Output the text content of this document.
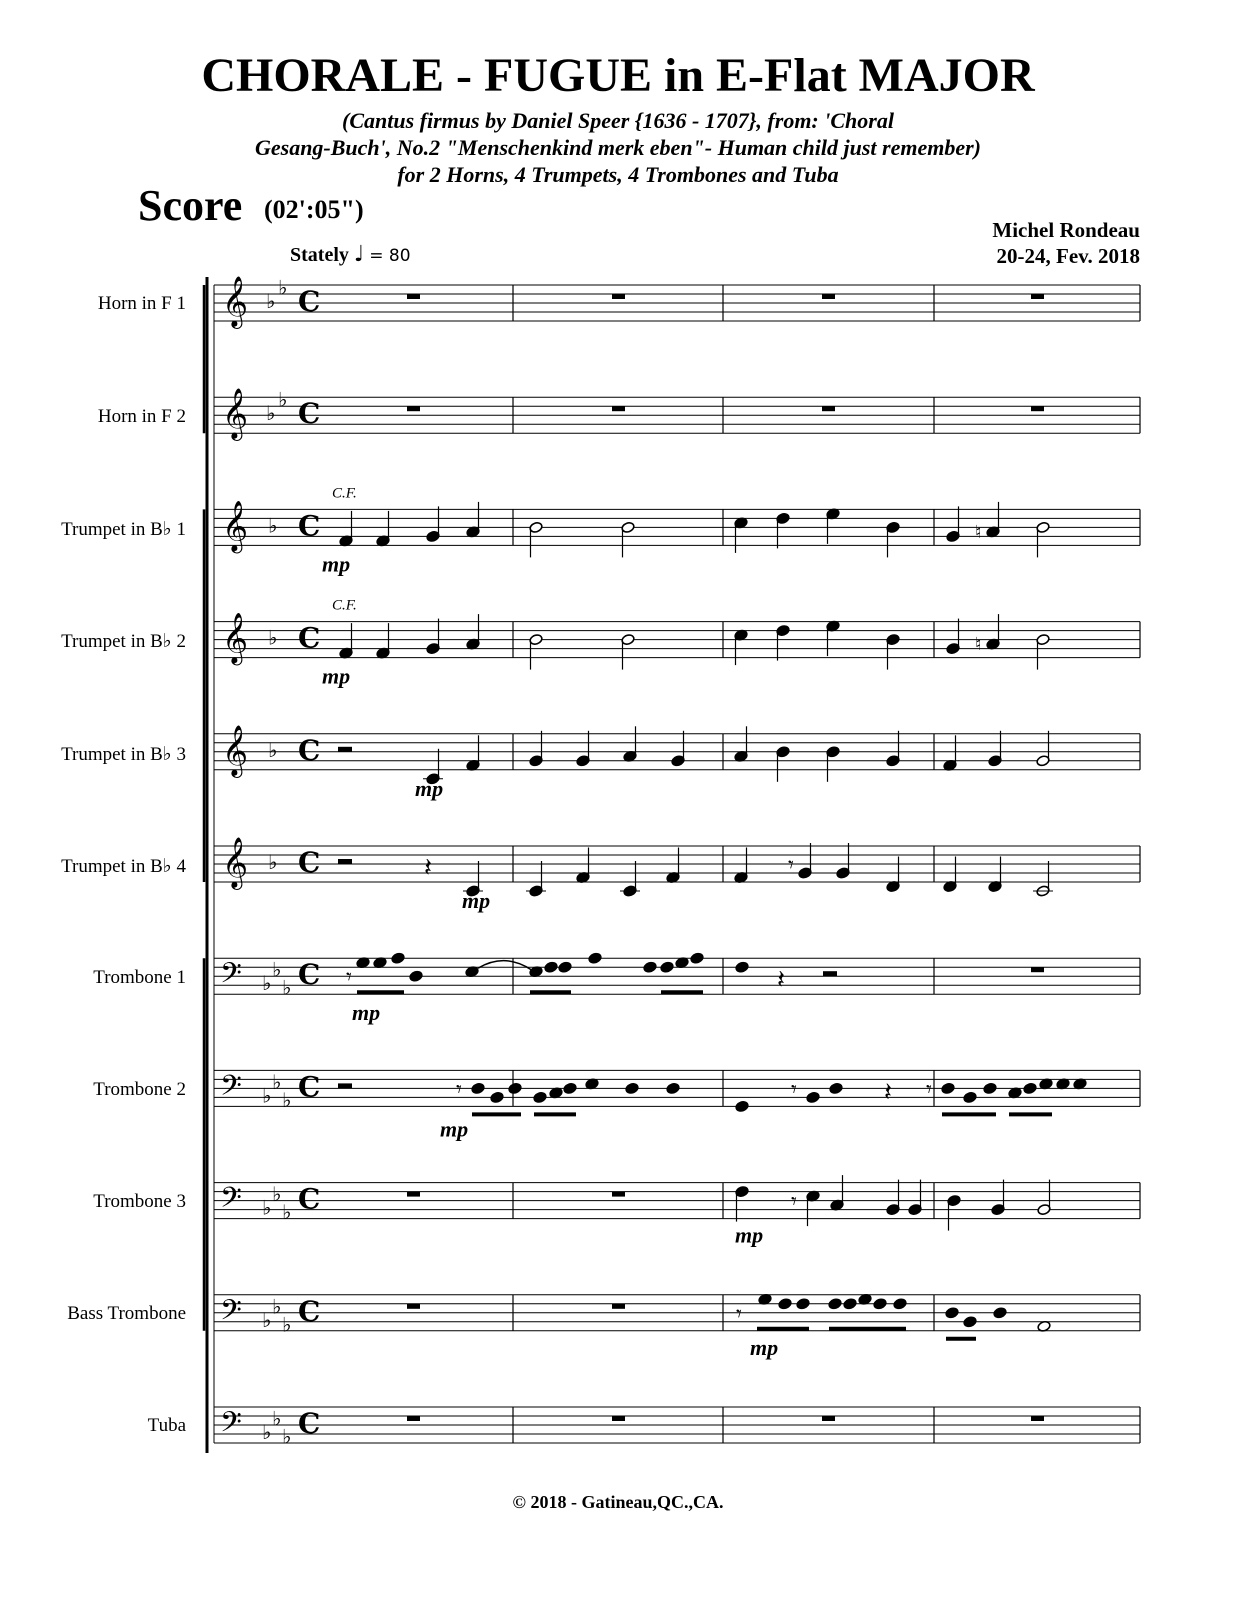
CHORALE - FUGUE in E-Flat MAJOR
(Cantus firmus by Daniel Speer {1636 - 1707}, from: 'Choral
Gesang-Buch', No.2 "Menschenkind merk eben"- Human child just remember)
for 2 Horns, 4 Trumpets, 4 Trombones and Tuba
Score (02':05")
Michel Rondeau
20-24, Fev. 2018
Stately ♩ = 80
Horn in F 1
Horn in F 2
Trumpet in B♭ 1
Trumpet in B♭ 2
Trumpet in B♭ 3
Trumpet in B♭ 4
Trombone 1
Trombone 2
Trombone 3
Bass Trombone
Tuba
𝄞 ♭
♭ C
𝄞 ♭
♭ C
𝄞 ♭ C
𝄞 ♭ C
𝄞 ♭ C
𝄞 ♭ C
𝄢 ♭
♭
♭ C
𝄢 ♭
♭
♭ C
𝄢 ♭
♭
♭ C
𝄢 ♭
♭
♭ C
𝄢 ♭
♭
♭ C
C.F.
♮
mp
C.F.
♮
mp
mp
𝄽	𝄾
mp
𝄾	𝄽
mp
𝄾	𝄾	𝄽 𝄾
mp
𝄾
mp
𝄾
mp
© 2018 - Gatineau,QC.,CA.
